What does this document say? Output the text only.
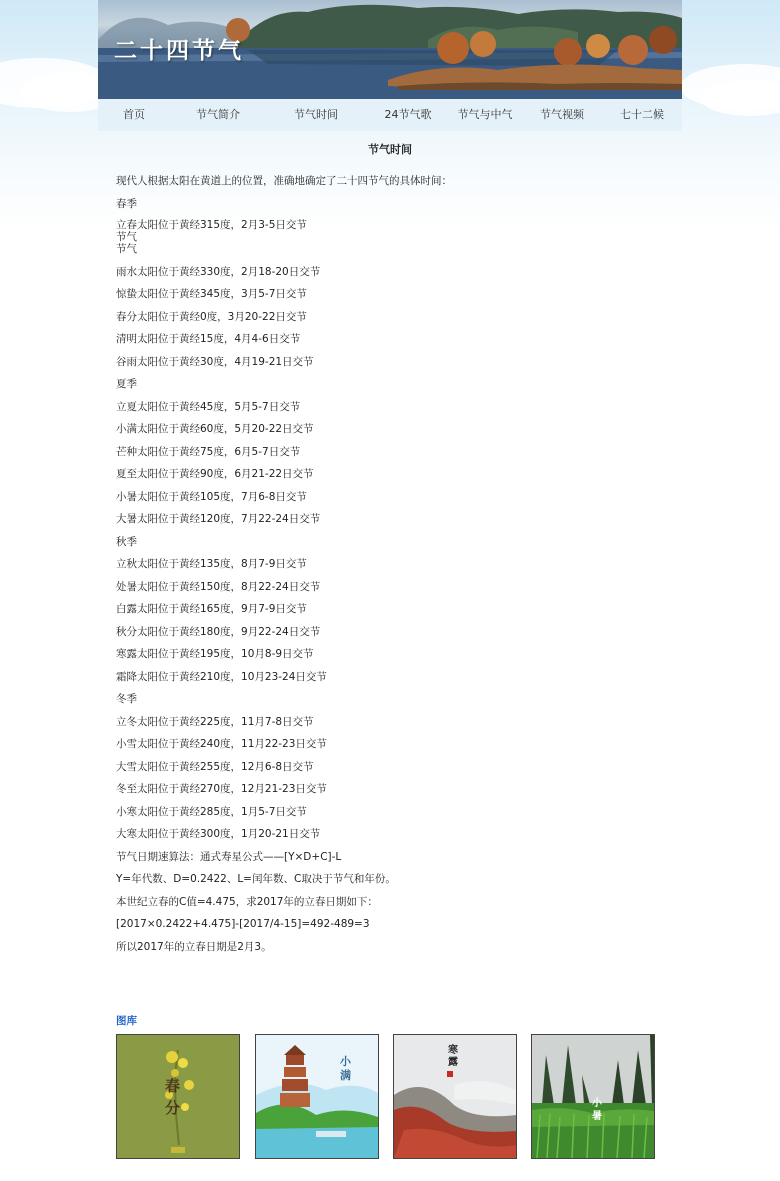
二十四节气
首页	节气简介	节气时间	24节气歌 节气与中气	节气视频	七十二候
节气时间
现代人根据太阳在黄道上的位置，准确地确定了二十四节气的具体时间：
春季
立春太阳位于黄经315度，2月3-5日交节
节气
节气
雨水太阳位于黄经330度，2月18-20日交节
惊蛰太阳位于黄经345度，3月5-7日交节
春分太阳位于黄经0度，3月20-22日交节
清明太阳位于黄经15度，4月4-6日交节
谷雨太阳位于黄经30度，4月19-21日交节
夏季
立夏太阳位于黄经45度，5月5-7日交节
小满太阳位于黄经60度，5月20-22日交节
芒种太阳位于黄经75度，6月5-7日交节
夏至太阳位于黄经90度，6月21-22日交节
小暑太阳位于黄经105度，7月6-8日交节
大暑太阳位于黄经120度，7月22-24日交节
秋季
立秋太阳位于黄经135度，8月7-9日交节
处暑太阳位于黄经150度，8月22-24日交节
白露太阳位于黄经165度，9月7-9日交节
秋分太阳位于黄经180度，9月22-24日交节
寒露太阳位于黄经195度，10月8-9日交节
霜降太阳位于黄经210度，10月23-24日交节
冬季
立冬太阳位于黄经225度，11月7-8日交节
小雪太阳位于黄经240度，11月22-23日交节
大雪太阳位于黄经255度，12月6-8日交节
冬至太阳位于黄经270度，12月21-23日交节
小寒太阳位于黄经285度，1月5-7日交节
大寒太阳位于黄经300度，1月20-21日交节
节气日期速算法：通式寿星公式——[Y×D+C]-L
Y=年代数、D=0.2422、L=闰年数、C取决于节气和年份。
本世纪立春的C值=4.475，求2017年的立春日期如下：
[2017×0.2422+4.475]-[2017/4-15]=492-489=3
所以2017年的立春日期是2月3。
图库
春分
小满
寒露
小暑
